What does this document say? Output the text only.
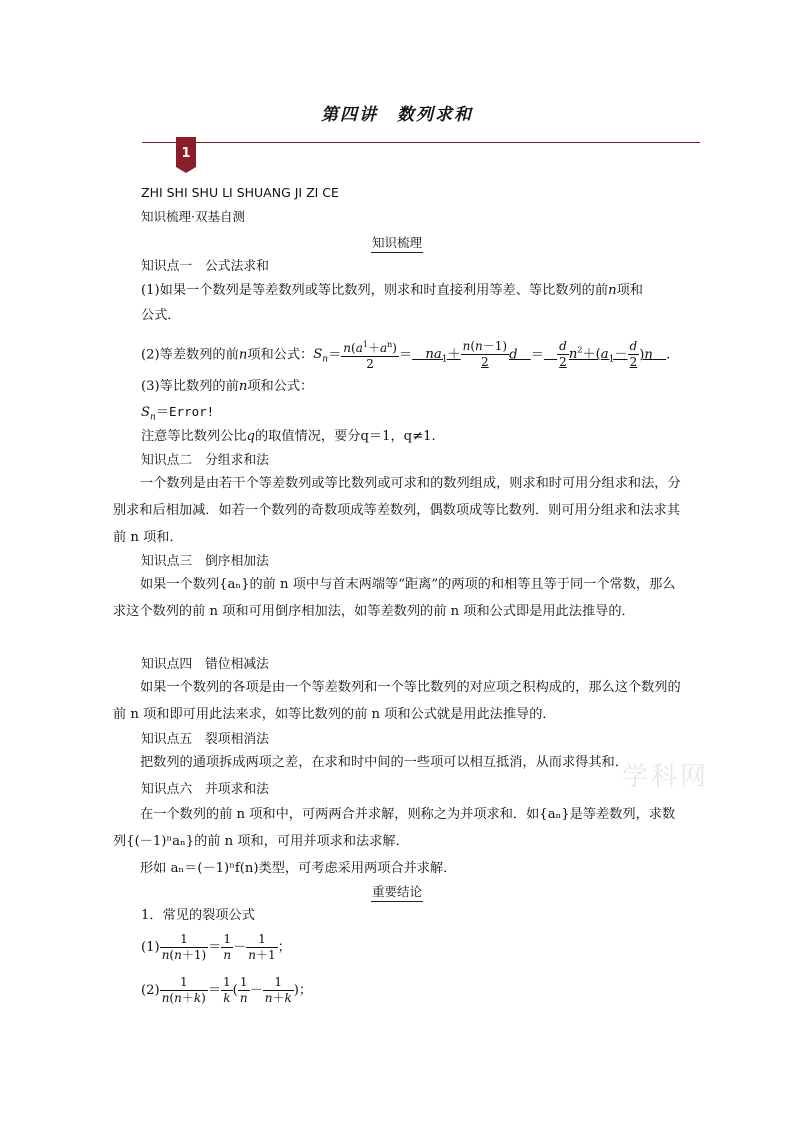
第四讲　数列求和
1
ZHI SHI SHU LI SHUANG JI ZI CE
知识梳理·双基自测
知识梳理
知识点一　公式法求和
(1)如果一个数列是等差数列或等比数列，则求和时直接利用等差、等比数列的前n项和
公式．
(2)等差数列的前n项和公式：$S_n= \frac{n(a^1+a^n)}{2}$ ＝　 $na_1+ \frac{n(n-1)}{2}$ d　 ＝　 $\frac{d}{2} n^2+(a_1- \frac{d}{2} )n$　 .
(3)等比数列的前n项和公式：
$S_n=Error$!
注意等比数列公比q的取值情况，要分q＝1，q≠1.
知识点二　分组求和法
一个数列是由若干个等差数列或等比数列或可求和的数列组成，则求和时可用分组求和法，分别求和后相加减．如若一个数列的奇数项成等差数列，偶数项成等比数列．则可用分组求和法求其前 n 项和．
知识点三　倒序相加法
如果一个数列{aₙ}的前 n 项中与首末两端等“距离”的两项的和相等且等于同一个常数，那么求这个数列的前 n 项和可用倒序相加法，如等差数列的前 n 项和公式即是用此法推导的．
知识点四　错位相减法
如果一个数列的各项是由一个等差数列和一个等比数列的对应项之积构成的，那么这个数列的前 n 项和即可用此法来求，如等比数列的前 n 项和公式就是用此法推导的．
知识点五　裂项相消法
把数列的通项拆成两项之差，在求和时中间的一些项可以相互抵消，从而求得其和．
学科网
知识点六　并项求和法
在一个数列的前 n 项和中，可两两合并求解，则称之为并项求和．如{aₙ}是等差数列，求数列{(－1)ⁿaₙ}的前 n 项和，可用并项求和法求解．
形如 aₙ＝(－1)ⁿf(n)类型，可考虑采用两项合并求解．
重要结论
1．常见的裂项公式
$(1) \frac{1}{n(n+1)} = \frac{1}{n} - \frac{1}{n+1}$ ；
$(2) \frac{1}{n(n+k)} = \frac{1}{k}$ ( $\frac{1}{n} - \frac{1}{n+k}$ )；
